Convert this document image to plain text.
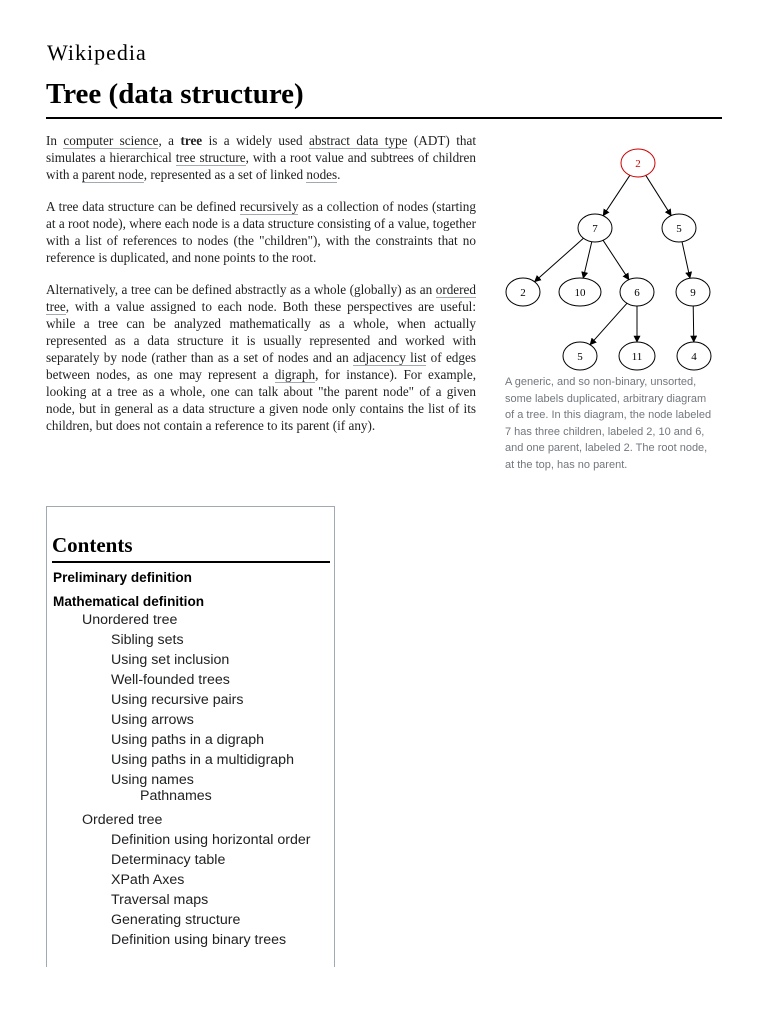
Wikipedia
Tree (data structure)

In computer science, a tree is a widely used abstract data type (ADT) that simulates a hierarchical tree structure, with a root value and subtrees of children with a parent node, represented as a set of linked nodes.

A tree data structure can be defined recursively as a collection of nodes (starting at a root node), where each node is a data structure consisting of a value, together with a list of references to nodes (the "children"), with the constraints that no reference is duplicated, and none points to the root.

Alternatively, a tree can be defined abstractly as a whole (globally) as an ordered tree, with a value assigned to each node. Both these perspectives are useful: while a tree can be analyzed mathematically as a whole, when actually represented as a data structure it is usually represented and worked with separately by node (rather than as a set of nodes and an adjacency list of edges between nodes, as one may represent a digraph, for instance). For example, looking at a tree as a whole, one can talk about "the parent node" of a given node, but in general as a data structure a given node only contains the list of its children, but does not contain a reference to its parent (if any).

2
7	5
2	10	6	9
5	11	4
A generic, and so non-binary, unsorted, some labels duplicated, arbitrary diagram of a tree. In this diagram, the node labeled 7 has three children, labeled 2, 10 and 6, and one parent, labeled 2. The root node, at the top, has no parent.
Contents
Preliminary definition
Mathematical definition
Unordered tree
Sibling sets
Using set inclusion
Well-founded trees
Using recursive pairs
Using arrows
Using paths in a digraph
Using paths in a multidigraph
Using names
Pathnames
Ordered tree
Definition using horizontal order
Determinacy table
XPath Axes
Traversal maps
Generating structure
Definition using binary trees
